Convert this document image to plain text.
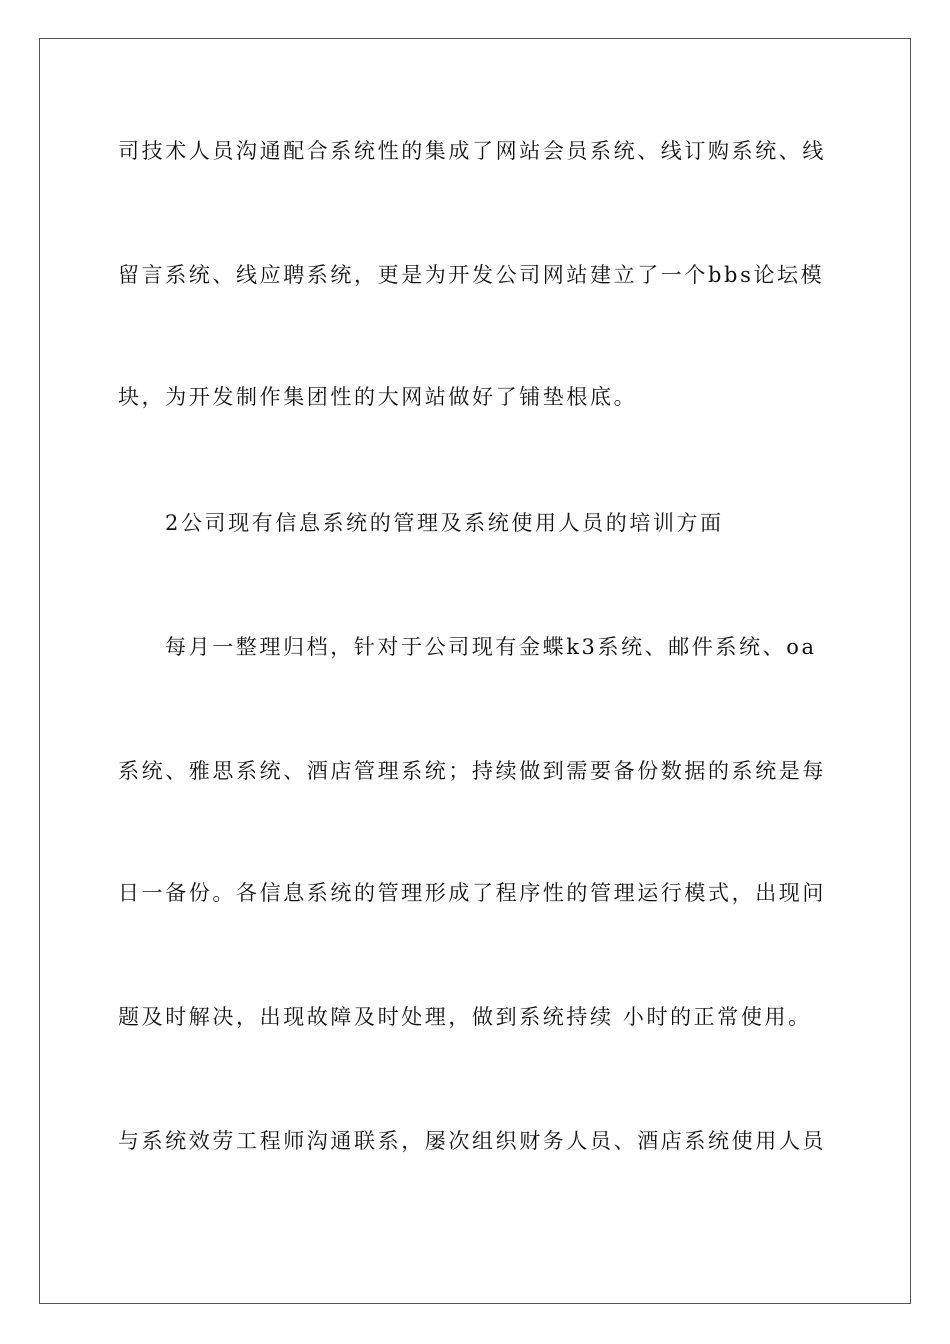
司技术人员沟通配合系统性的集成了网站会员系统、线订购系统、线
留言系统、线应聘系统，更是为开发公司网站建立了一个bbs论坛模
块，为开发制作集团性的大网站做好了铺垫根底。
2公司现有信息系统的管理及系统使用人员的培训方面
每月一整理归档，针对于公司现有金蝶k3系统、邮件系统、oa
系统、雅思系统、酒店管理系统；持续做到需要备份数据的系统是每
日一备份。各信息系统的管理形成了程序性的管理运行模式，出现问
题及时解决，出现故障及时处理，做到系统持续 小时的正常使用。
与系统效劳工程师沟通联系，屡次组织财务人员、酒店系统使用人员
